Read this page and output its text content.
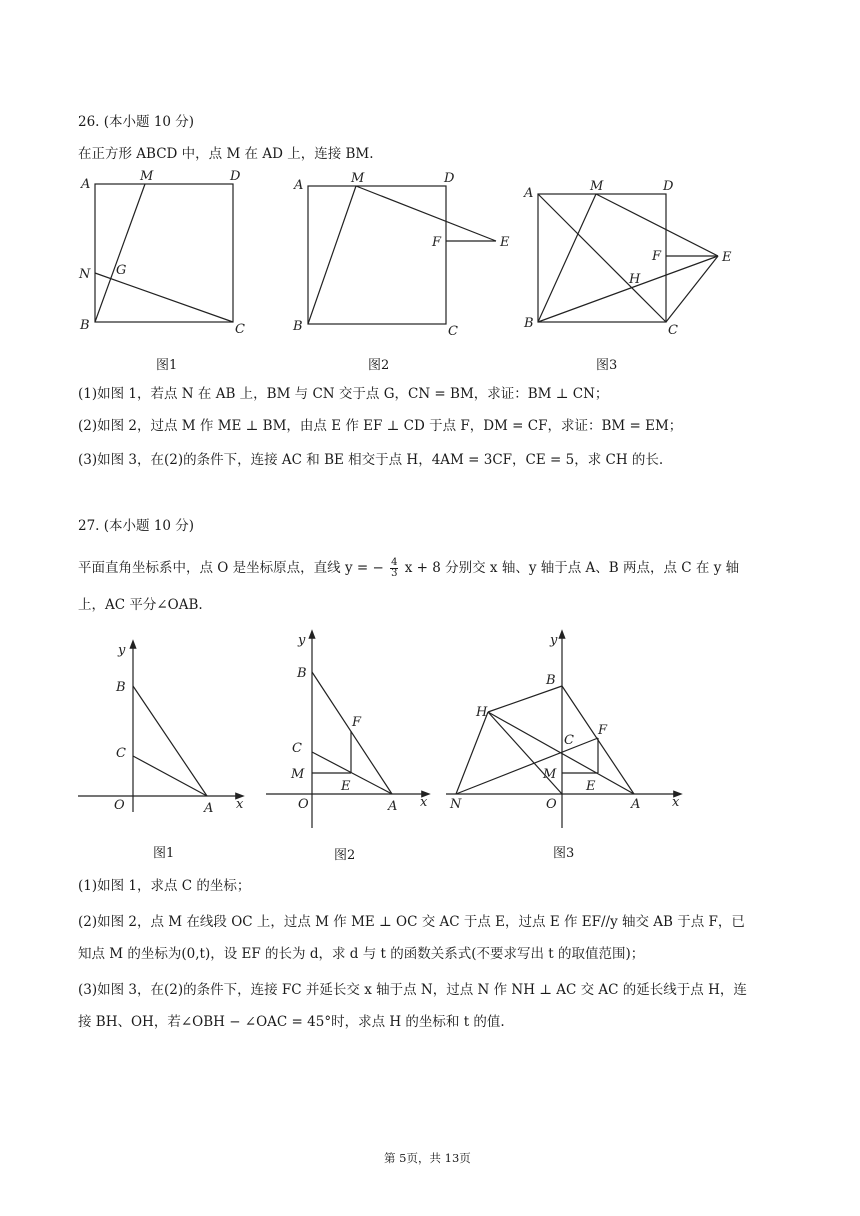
26. (本小题 10 分)
在正方形 ABCD 中，点 M 在 AD 上，连接 BM.
A
M	D
N G
B	C
图1
A	M	D
F	E
B	C
图2
A	M	D
F	E
H
B	C
图3
(1)如图 1，若点 N 在 AB 上，BM 与 CN 交于点 G，CN = BM，求证：BM ⊥ CN；
(2)如图 2，过点 M 作 ME ⊥ BM，由点 E 作 EF ⊥ CD 于点 F，DM = CF，求证：BM = EM；
(3)如图 3，在(2)的条件下，连接 AC 和 BE 相交于点 H，4AM = 3CF，CE = 5，求 CH 的长.
27. (本小题 10 分)
平面直角坐标系中，点 O 是坐标原点，直线 y = − $\frac{4}{3}$ x + 8 分别交 x 轴、y 轴于点 A、B 两点，点 C 在 y 轴
上，AC 平分∠OAB.
y
x
B
C
O	A
图1
y
x
B
F
C
M
E
O	A
图2
y
x
B
H
F
C
M
E
N	O	A
图3
(1)如图 1，求点 C 的坐标；
(2)如图 2，点 M 在线段 OC 上，过点 M 作 ME ⊥ OC 交 AC 于点 E，过点 E 作 EF//y 轴交 AB 于点 F，已
知点 M 的坐标为(0,t)，设 EF 的长为 d，求 d 与 t 的函数关系式(不要求写出 t 的取值范围)；
(3)如图 3，在(2)的条件下，连接 FC 并延长交 x 轴于点 N，过点 N 作 NH ⊥ AC 交 AC 的延长线于点 H，连
接 BH、OH，若∠OBH − ∠OAC = 45°时，求点 H 的坐标和 t 的值.
第 5页，共 13页
